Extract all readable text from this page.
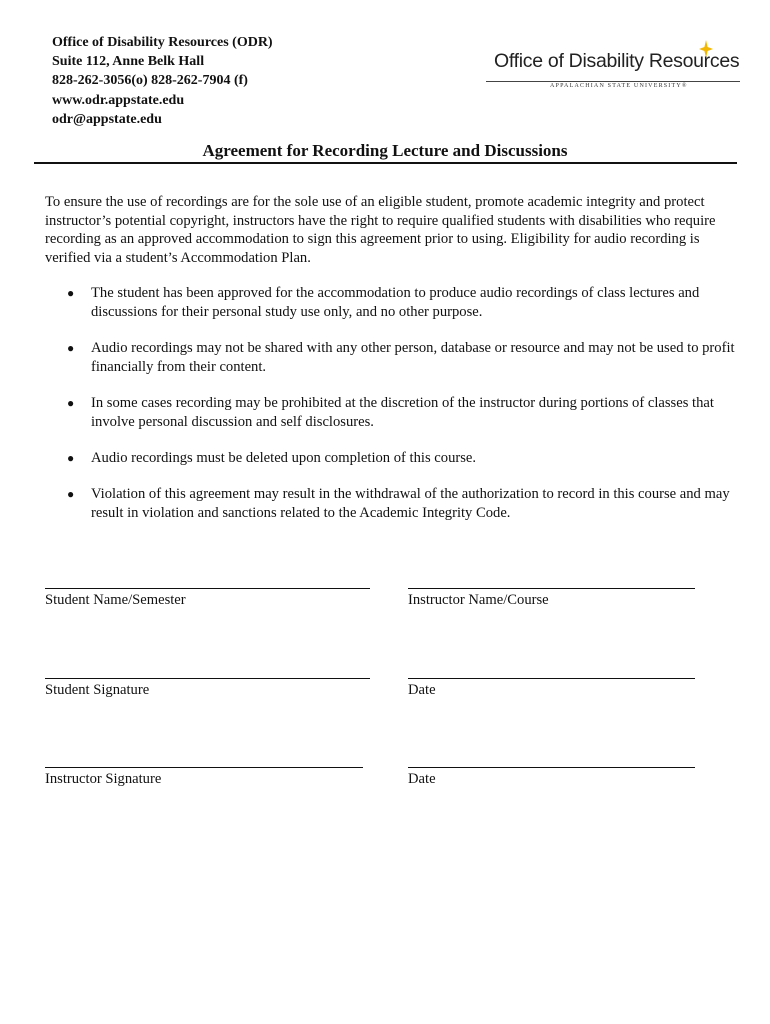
Office of Disability Resources (ODR)
Suite 112, Anne Belk Hall
828-262-3056(o) 828-262-7904 (f)
www.odr.appstate.edu
odr@appstate.edu
Office of Disability Resources
APPALACHIAN STATE UNIVERSITY®
Agreement for Recording Lecture and Discussions
To ensure the use of recordings are for the sole use of an eligible student, promote academic integrity and protect instructor’s potential copyright, instructors have the right to require qualified students with disabilities who require recording as an approved accommodation to sign this agreement prior to using. Eligibility for audio recording is verified via a student’s Accommodation Plan.
● The student has been approved for the accommodation to produce audio recordings of class lectures and discussions for their personal study use only, and no other purpose.
● Audio recordings may not be shared with any other person, database or resource and may not be used to profit financially from their content.
● In some cases recording may be prohibited at the discretion of the instructor during portions of classes that involve personal discussion and self disclosures.
● Audio recordings must be deleted upon completion of this course.
● Violation of this agreement may result in the withdrawal of the authorization to record in this course and may result in violation and sanctions related to the Academic Integrity Code.
Student Name/Semester	Instructor Name/Course
Student Signature	Date
Instructor Signature	Date
